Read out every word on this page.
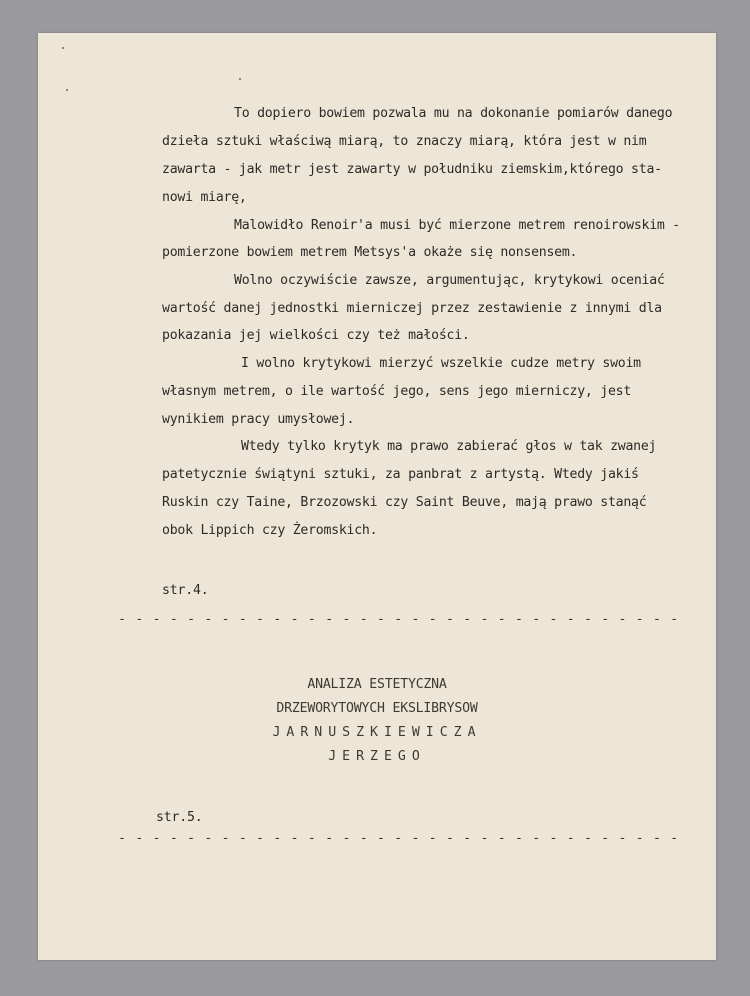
To dopiero bowiem pozwala mu na dokonanie pomiarów danego
dzieła sztuki właściwą miarą, to znaczy miarą, która jest w nim
zawarta - jak metr jest zawarty w południku ziemskim,którego sta-
nowi miarę,
Malowidło Renoir'a musi być mierzone metrem renoirowskim -
pomierzone bowiem metrem Metsys'a okaże się nonsensem.
Wolno oczywiście zawsze, argumentując, krytykowi oceniać
wartość danej jednostki mierniczej przez zestawienie z innymi dla
pokazania jej wielkości czy też małości.
I wolno krytykowi mierzyć wszelkie cudze metry swoim
własnym metrem, o ile wartość jego, sens jego mierniczy, jest
wynikiem pracy umysłowej.
Wtedy tylko krytyk ma prawo zabierać głos w tak zwanej
patetycznie świątyni sztuki, za panbrat z artystą. Wtedy jakiś
Ruskin czy Taine, Brzozowski czy Saint Beuve, mają prawo stanąć
obok Lippich czy Żeromskich.
str.4.
- - - - - - - - - - - - - - - - - - - - - - - - - - - - - - - - -
ANALIZA ESTETYCZNA
DRZEWORYTOWYCH EKSLIBRYSOW
JARNUSZKIEWICZA
JERZEGO
str.5.
- - - - - - - - - - - - - - - - - - - - - - - - - - - - - - - - -
